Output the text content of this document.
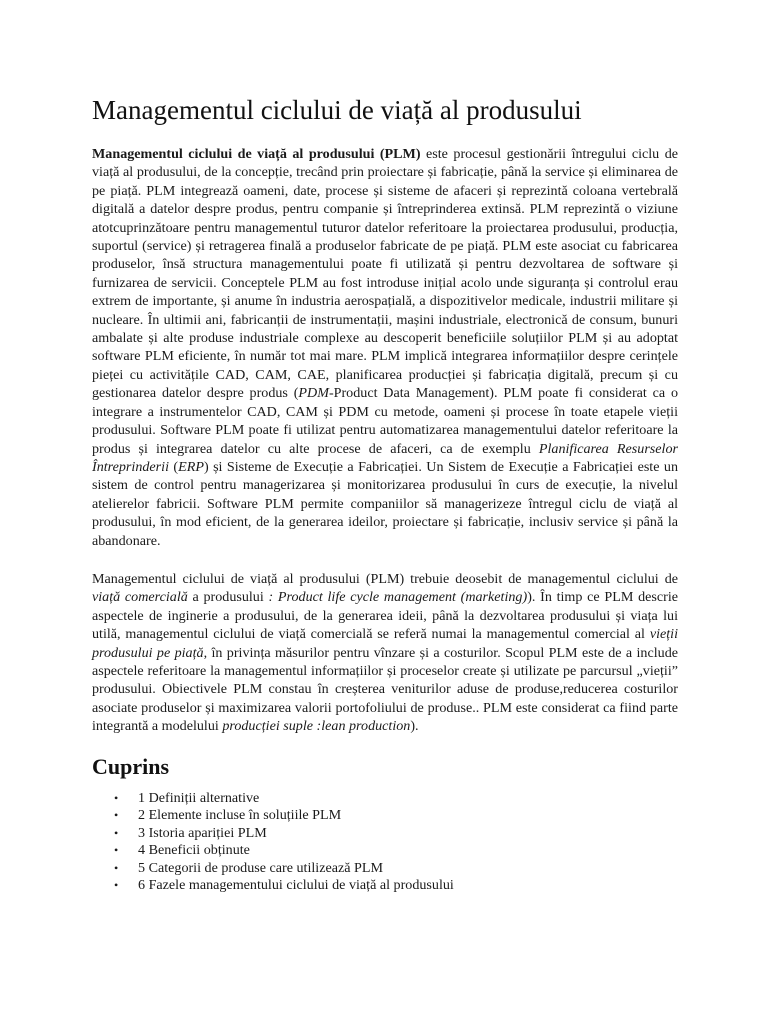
Managementul ciclului de viață al produsului

Managementul ciclului de viață al produsului (PLM) este procesul gestionării întregului ciclu de viață al produsului, de la concepție, trecând prin proiectare și fabricație, până la service și eliminarea de pe piață. PLM integrează oameni, date, procese și sisteme de afaceri și reprezintă coloana vertebrală digitală a datelor despre produs, pentru companie și întreprinderea extinsă. PLM reprezintă o viziune atotcuprinzătoare pentru managementul tuturor datelor referitoare la proiectarea produsului, producția, suportul (service) și retragerea finală a produselor fabricate de pe piață. PLM este asociat cu fabricarea produselor, însă structura managementului poate fi utilizată și pentru dezvoltarea de software și furnizarea de servicii. Conceptele PLM au fost introduse inițial acolo unde siguranța și controlul erau extrem de importante, și anume în industria aerospațială, a dispozitivelor medicale, industrii militare și nucleare. În ultimii ani, fabricanții de instrumentații, mașini industriale, electronică de consum, bunuri ambalate și alte produse industriale complexe au descoperit beneficiile soluțiilor PLM și au adoptat software PLM eficiente, în număr tot mai mare. PLM implică integrarea informațiilor despre cerințele pieței cu activitățile CAD, CAM, CAE, planificarea producției și fabricația digitală, precum și cu gestionarea datelor despre produs (PDM-Product Data Management). PLM poate fi considerat ca o integrare a instrumentelor CAD, CAM și PDM cu metode, oameni și procese în toate etapele vieții produsului. Software PLM poate fi utilizat pentru automatizarea managementului datelor referitoare la produs și integrarea datelor cu alte procese de afaceri, ca de exemplu Planificarea Resurselor Întreprinderii (ERP) și Sisteme de Execuție a Fabricației. Un Sistem de Execuție a Fabricației este un sistem de control pentru managerizarea și monitorizarea produsului în curs de execuție, la nivelul atelierelor fabricii. Software PLM permite companiilor să managerizeze întregul ciclu de viață al produsului, în mod eficient, de la generarea ideilor, proiectare și fabricație, inclusiv service și până la abandonare.

Managementul ciclului de viață al produsului (PLM) trebuie deosebit de managementul ciclului de viață comercială a produsului : Product life cycle management (marketing)). În timp ce PLM descrie aspectele de inginerie a produsului, de la generarea ideii, până la dezvoltarea produsului și viața lui utilă, managementul ciclului de viață comercială se referă numai la managementul comercial al vieții produsului pe piață, în privința măsurilor pentru vînzare și a costurilor. Scopul PLM este de a include aspectele referitoare la managementul informațiilor și proceselor create și utilizate pe parcursul „vieții” produsului. Obiectivele PLM constau în creșterea veniturilor aduse de produse,reducerea costurilor asociate produselor și maximizarea valorii portofoliului de produse.. PLM este considerat ca fiind parte integrantă a modelului producției suple :lean production).

Cuprins
• 1 Definiții alternative
• 2 Elemente incluse în soluțiile PLM
• 3 Istoria apariției PLM
• 4 Beneficii obținute
• 5 Categorii de produse care utilizează PLM
• 6 Fazele managementului ciclului de viață al produsului
